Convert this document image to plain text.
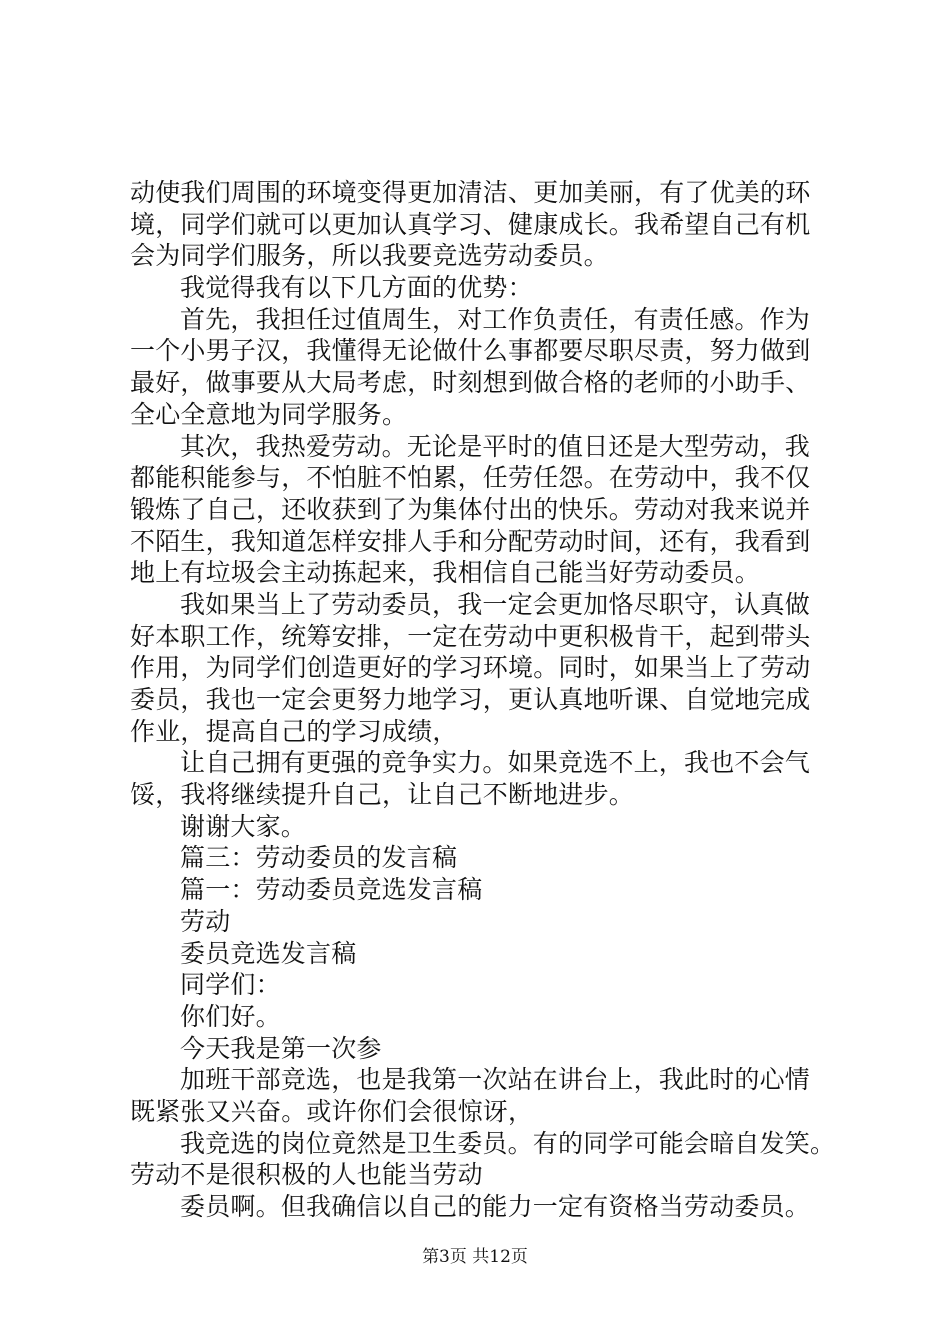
动使我们周围的环境变得更加清洁、更加美丽，有了优美的环
境，同学们就可以更加认真学习、健康成长。我希望自己有机
会为同学们服务，所以我要竞选劳动委员。
我觉得我有以下几方面的优势：
首先，我担任过值周生，对工作负责任，有责任感。作为
一个小男子汉，我懂得无论做什么事都要尽职尽责，努力做到
最好，做事要从大局考虑，时刻想到做合格的老师的小助手、
全心全意地为同学服务。
其次，我热爱劳动。无论是平时的值日还是大型劳动，我
都能积能参与，不怕脏不怕累，任劳任怨。在劳动中，我不仅
锻炼了自己，还收获到了为集体付出的快乐。劳动对我来说并
不陌生，我知道怎样安排人手和分配劳动时间，还有，我看到
地上有垃圾会主动拣起来，我相信自己能当好劳动委员。
我如果当上了劳动委员，我一定会更加恪尽职守，认真做
好本职工作，统筹安排，一定在劳动中更积极肯干，起到带头
作用，为同学们创造更好的学习环境。同时，如果当上了劳动
委员，我也一定会更努力地学习，更认真地听课、自觉地完成
作业，提高自己的学习成绩，
让自己拥有更强的竞争实力。如果竞选不上，我也不会气
馁，我将继续提升自己，让自己不断地进步。
谢谢大家。
篇三：劳动委员的发言稿
篇一：劳动委员竞选发言稿
劳动
委员竞选发言稿
同学们：
你们好。
今天我是第一次参
加班干部竞选，也是我第一次站在讲台上，我此时的心情
既紧张又兴奋。或许你们会很惊讶，
我竞选的岗位竟然是卫生委员。有的同学可能会暗自发笑。
劳动不是很积极的人也能当劳动
委员啊。但我确信以自己的能力一定有资格当劳动委员。
第3页 共12页
